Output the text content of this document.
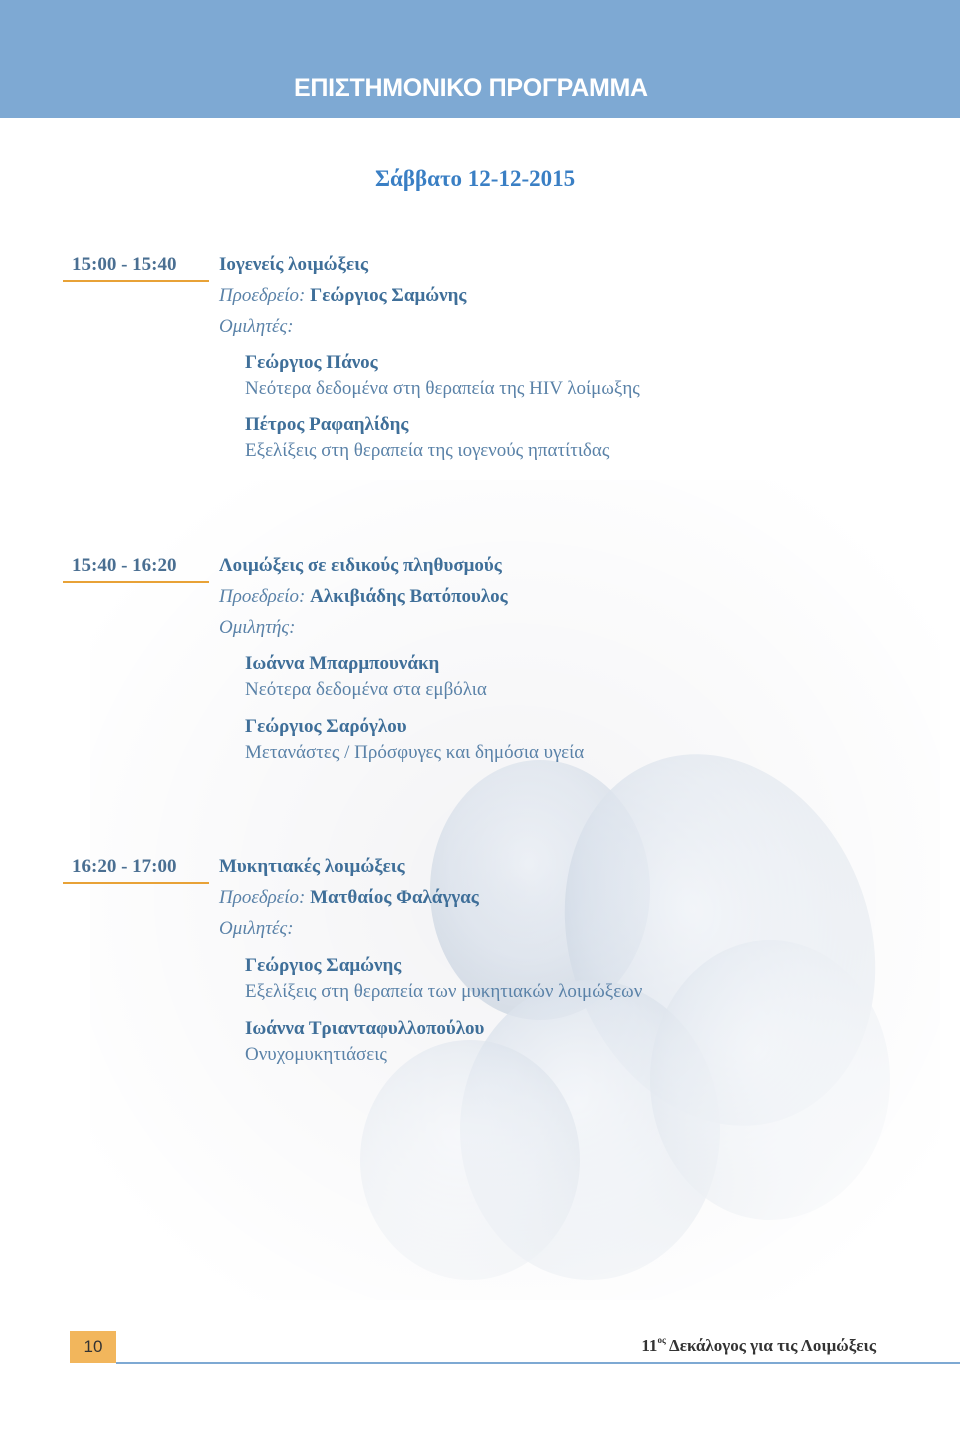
ΕΠΙΣΤΗΜΟΝΙΚΟ ΠΡΟΓΡΑΜΜΑ
Σάββατο 12-12-2015
15:00 - 15:40 Ιογενείς λοιμώξεις
Προεδρείο: Γεώργιος Σαμώνης
Ομιλητές:
Γεώργιος Πάνος
Νεότερα δεδομένα στη θεραπεία της HIV λοίμωξης
Πέτρος Ραφαηλίδης
Εξελίξεις στη θεραπεία της ιογενούς ηπατίτιδας
15:40 - 16:20 Λοιμώξεις σε ειδικούς πληθυσμούς
Προεδρείο: Αλκιβιάδης Βατόπουλος
Ομιλητής:
Ιωάννα Μπαρμπουνάκη
Νεότερα δεδομένα στα εμβόλια
Γεώργιος Σαρόγλου
Μετανάστες / Πρόσφυγες και δημόσια υγεία
16:20 - 17:00 Μυκητιακές λοιμώξεις
Προεδρείο: Ματθαίος Φαλάγγας
Ομιλητές:
Γεώργιος Σαμώνης
Εξελίξεις στη θεραπεία των μυκητιακών λοιμώξεων
Ιωάννα Τριανταφυλλοπούλου
Ονυχομυκητιάσεις
10	$11^{o\varsigma}$ Δεκάλογος για τις Λοιμώξεις
